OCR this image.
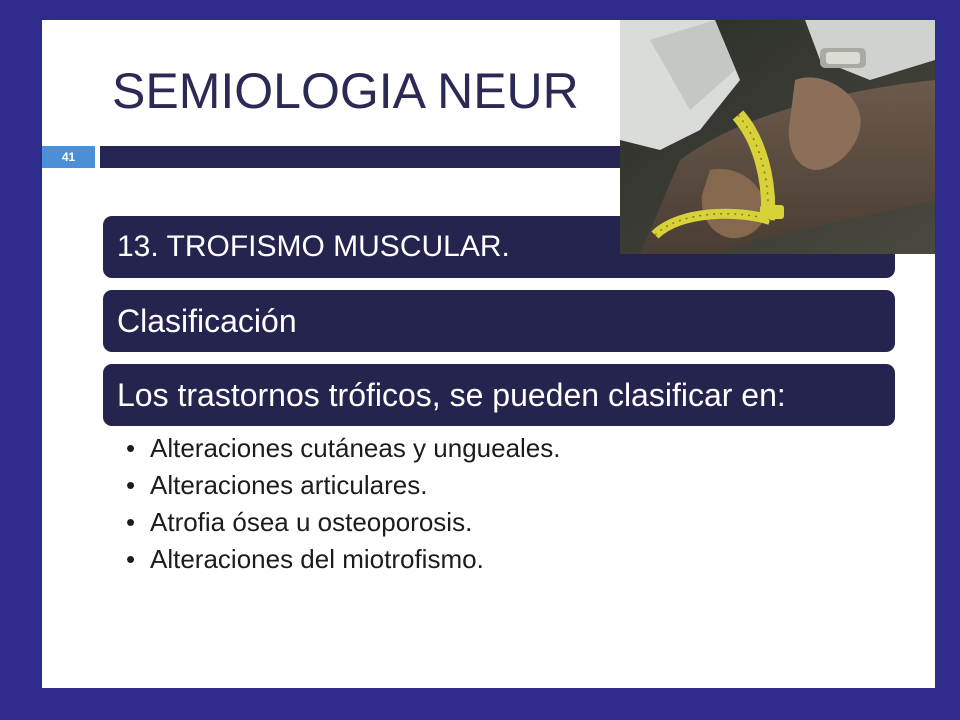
SEMIOLOGIA NEUR
41
13. TROFISMO MUSCULAR.
Clasificación
Los trastornos tróficos, se pueden clasificar en:
• Alteraciones cutáneas y ungueales.
• Alteraciones articulares.
• Atrofia ósea u osteoporosis.
• Alteraciones del miotrofismo.
